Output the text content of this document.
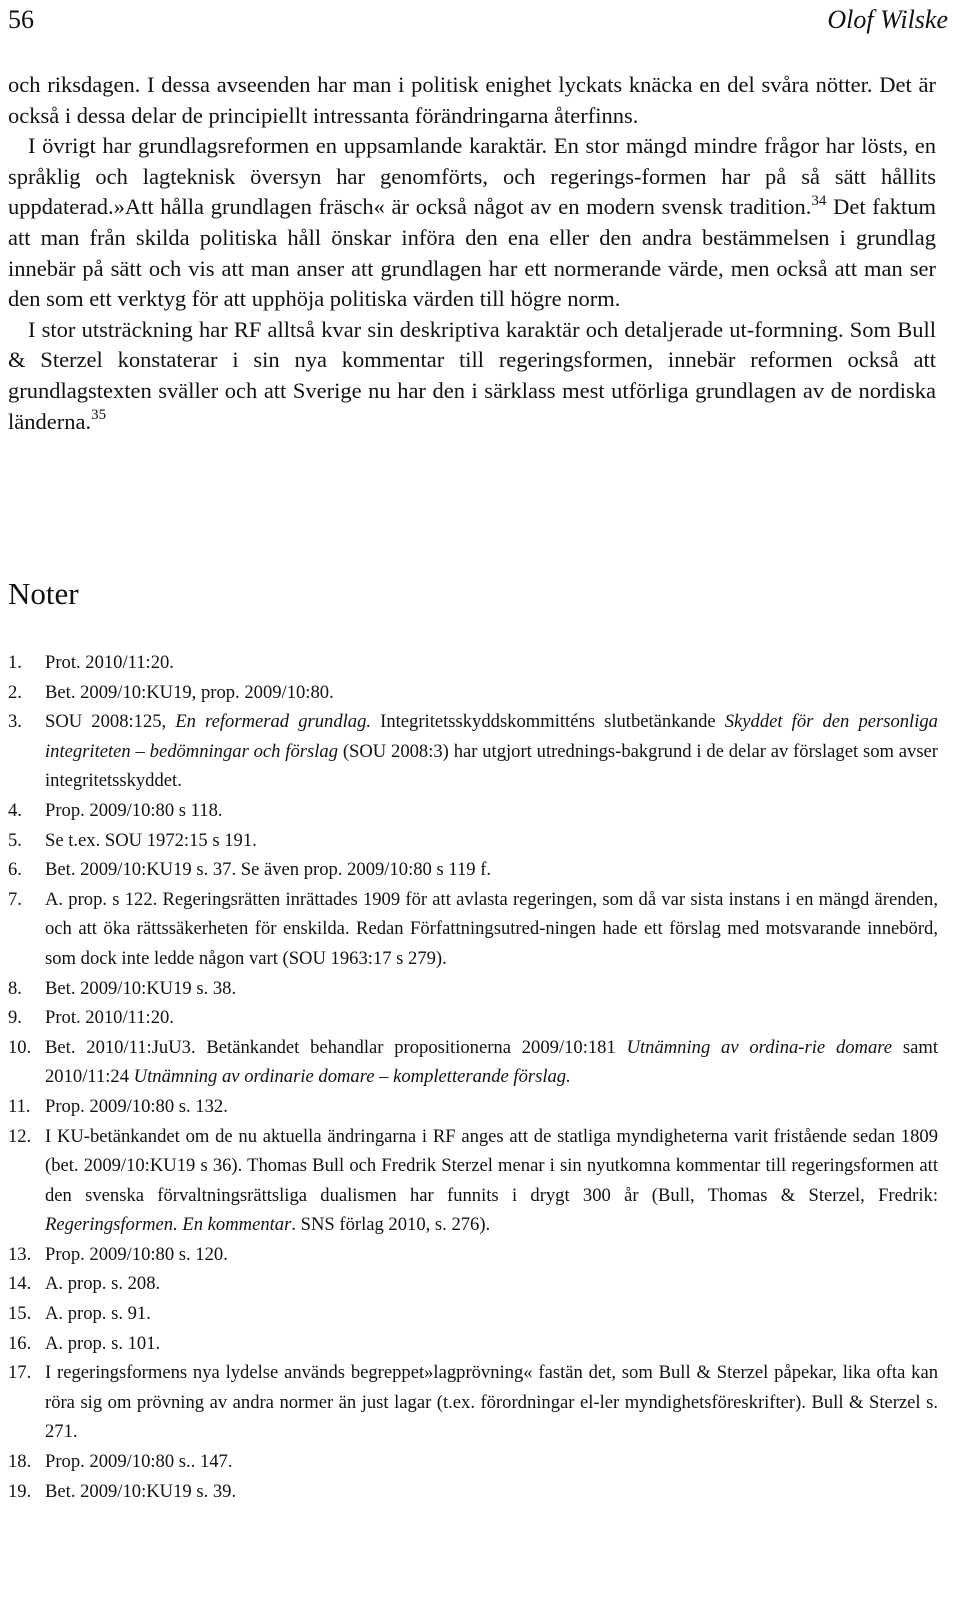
56	Olof Wilske

och riksdagen. I dessa avseenden har man i politisk enighet lyckats knäcka en del svåra nötter. Det är också i dessa delar de principiellt intressanta förändringarna återfinns.

I övrigt har grundlagsreformen en uppsamlande karaktär. En stor mängd mindre frågor har lösts, en språklig och lagteknisk översyn har genomförts, och regerings-formen har på så sätt hållits uppdaterad.»Att hålla grundlagen fräsch« är också något av en modern svensk tradition.$^{34}$ Det faktum att man från skilda politiska håll önskar införa den ena eller den andra bestämmelsen i grundlag innebär på sätt och vis att man anser att grundlagen har ett normerande värde, men också att man ser den som ett verktyg för att upphöja politiska värden till högre norm.

I stor utsträckning har RF alltså kvar sin deskriptiva karaktär och detaljerade ut-formning. Som Bull & Sterzel konstaterar i sin nya kommentar till regeringsformen, innebär reformen också att grundlagstexten sväller och att Sverige nu har den i särklass mest utförliga grundlagen av de nordiska länderna.$^{35}$

Noter
1. Prot. 2010/11:20.
2. Bet. 2009/10:KU19, prop. 2009/10:80.
3. SOU 2008:125, En reformerad grundlag. Integritetsskyddskommitténs slutbetänkande Skyddet för den personliga integriteten – bedömningar och förslag (SOU 2008:3) har utgjort utrednings-bakgrund i de delar av förslaget som avser integritetsskyddet.
4. Prop. 2009/10:80 s 118.
5. Se t.ex. SOU 1972:15 s 191.
6. Bet. 2009/10:KU19 s. 37. Se även prop. 2009/10:80 s 119 f.
7. A. prop. s 122. Regeringsrätten inrättades 1909 för att avlasta regeringen, som då var sista instans i en mängd ärenden, och att öka rättssäkerheten för enskilda. Redan Författningsutred-ningen hade ett förslag med motsvarande innebörd, som dock inte ledde någon vart (SOU 1963:17 s 279).
8. Bet. 2009/10:KU19 s. 38.
9. Prot. 2010/11:20.
10. Bet. 2010/11:JuU3. Betänkandet behandlar propositionerna 2009/10:181 Utnämning av ordina-rie domare samt 2010/11:24 Utnämning av ordinarie domare – kompletterande förslag.
11. Prop. 2009/10:80 s. 132.
12. I KU-betänkandet om de nu aktuella ändringarna i RF anges att de statliga myndigheterna varit fristående sedan 1809 (bet. 2009/10:KU19 s 36). Thomas Bull och Fredrik Sterzel menar i sin nyutkomna kommentar till regeringsformen att den svenska förvaltningsrättsliga dualismen har funnits i drygt 300 år (Bull, Thomas & Sterzel, Fredrik: Regeringsformen. En kommentar. SNS förlag 2010, s. 276).
13. Prop. 2009/10:80 s. 120.
14. A. prop. s. 208.
15. A. prop. s. 91.
16. A. prop. s. 101.
17. I regeringsformens nya lydelse används begreppet»lagprövning« fastän det, som Bull & Sterzel påpekar, lika ofta kan röra sig om prövning av andra normer än just lagar (t.ex. förordningar el-ler myndighetsföreskrifter). Bull & Sterzel s. 271.
18. Prop. 2009/10:80 s.. 147.
19. Bet. 2009/10:KU19 s. 39.
